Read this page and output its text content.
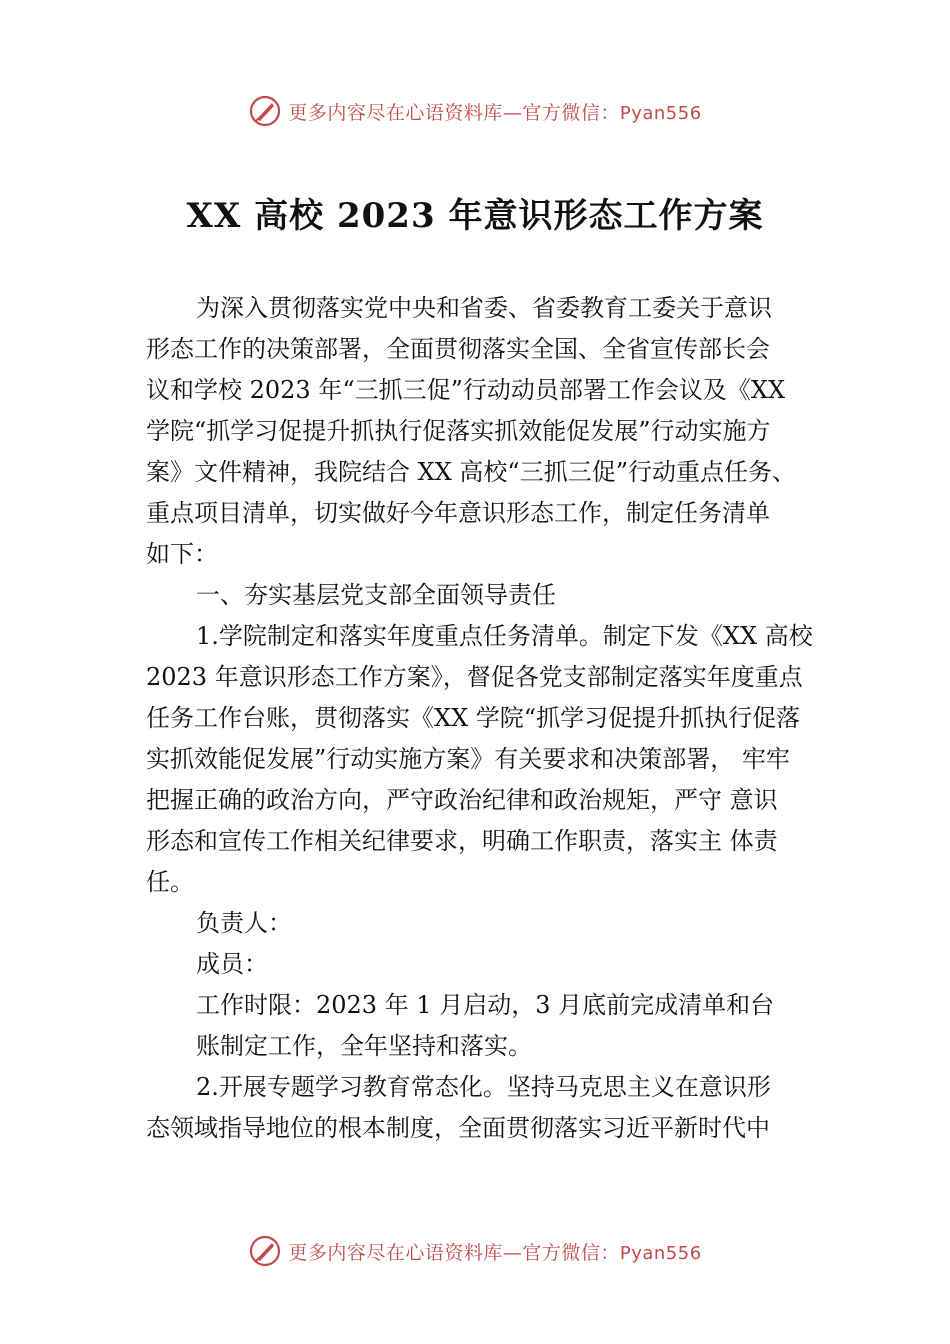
更多内容尽在心语资料库—官方微信：Pyan556
XX 高校 2023 年意识形态工作方案

为深入贯彻落实党中央和省委、省委教育工委关于意识

形态工作的决策部署，全面贯彻落实全国、全省宣传部长会

议和学校 2023 年“三抓三促”行动动员部署工作会议及《XX

学院“抓学习促提升抓执行促落实抓效能促发展”行动实施方

案》文件精神，我院结合 XX 高校“三抓三促”行动重点任务、

重点项目清单，切实做好今年意识形态工作，制定任务清单

如下：

一、夯实基层党支部全面领导责任

1.学院制定和落实年度重点任务清单。制定下发《XX 高校

2023 年意识形态工作方案》，督促各党支部制定落实年度重点

任务工作台账，贯彻落实《XX 学院“抓学习促提升抓执行促落

实抓效能促发展”行动实施方案》有关要求和决策部署， 牢牢

把握正确的政治方向，严守政治纪律和政治规矩，严守 意识

形态和宣传工作相关纪律要求，明确工作职责，落实主 体责

任。

负责人：

成员：

工作时限：2023 年 1 月启动，3 月底前完成清单和台

账制定工作，全年坚持和落实。

2.开展专题学习教育常态化。坚持马克思主义在意识形

态领域指导地位的根本制度，全面贯彻落实习近平新时代中

更多内容尽在心语资料库—官方微信：Pyan556
